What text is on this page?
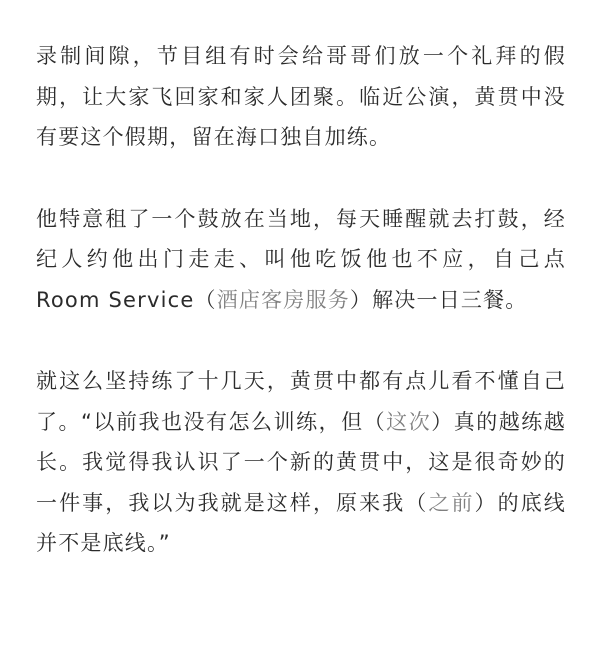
录制间隙，节目组有时会给哥哥们放一个礼拜的假期，让大家飞回家和家人团聚。临近公演，黄贯中没有要这个假期，留在海口独自加练。

他特意租了一个鼓放在当地，每天睡醒就去打鼓，经纪人约他出门走走、叫他吃饭他也不应，自己点Room Service（酒店客房服务）解决一日三餐。

就这么坚持练了十几天，黄贯中都有点儿看不懂自己了。“以前我也没有怎么训练，但（这次）真的越练越长。我觉得我认识了一个新的黄贯中，这是很奇妙的一件事，我以为我就是这样，原来我（之前）的底线并不是底线。”
